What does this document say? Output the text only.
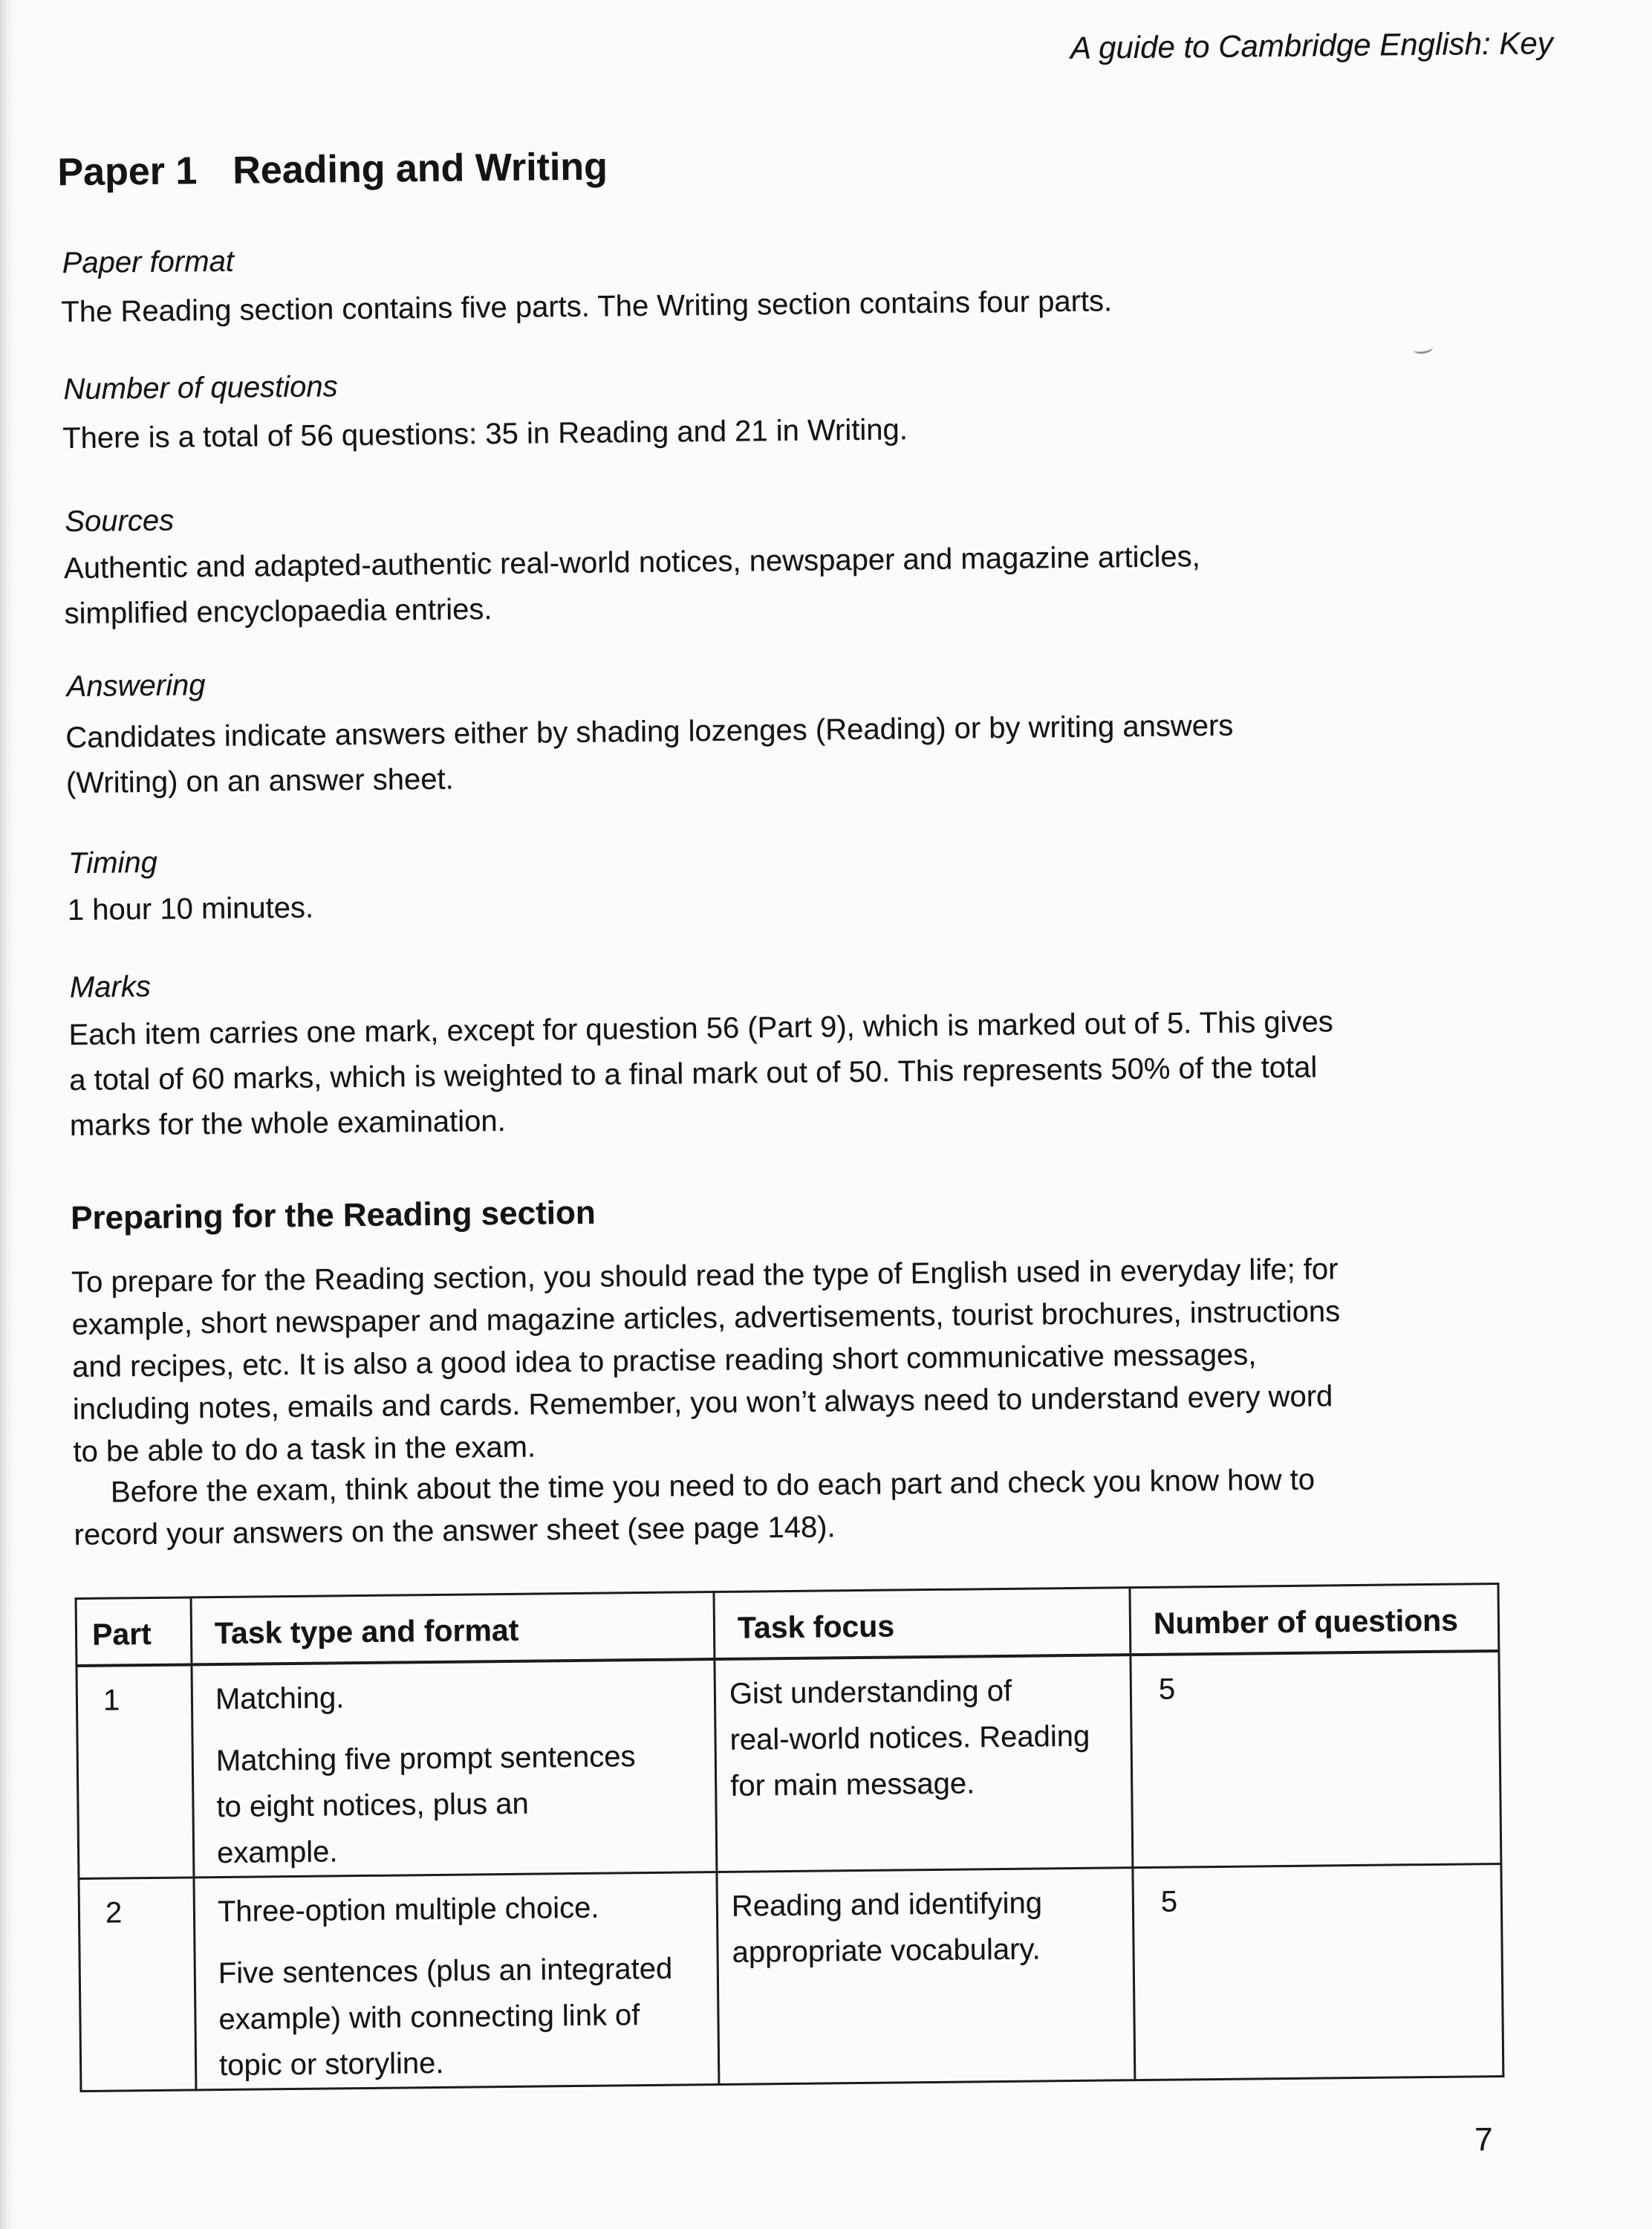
A guide to Cambridge English: Key
Paper 1 Reading and Writing
Paper format
The Reading section contains five parts. The Writing section contains four parts.
Number of questions
There is a total of 56 questions: 35 in Reading and 21 in Writing.
Sources
Authentic and adapted-authentic real-world notices, newspaper and magazine articles,
simplified encyclopaedia entries.
Answering
Candidates indicate answers either by shading lozenges (Reading) or by writing answers
(Writing) on an answer sheet.
Timing
1 hour 10 minutes.
Marks
Each item carries one mark, except for question 56 (Part 9), which is marked out of 5. This gives
a total of 60 marks, which is weighted to a final mark out of 50. This represents 50% of the total
marks for the whole examination.
Preparing for the Reading section
To prepare for the Reading section, you should read the type of English used in everyday life; for
example, short newspaper and magazine articles, advertisements, tourist brochures, instructions
and recipes, etc. It is also a good idea to practise reading short communicative messages,
including notes, emails and cards. Remember, you won’t always need to understand every word
to be able to do a task in the exam.
Before the exam, think about the time you need to do each part and check you know how to
record your answers on the answer sheet (see page 148).
Part	Task type and format	Task focus	Number of questions
1	Matching.

Matching five prompt sentences
to eight notices, plus an
example.

	Gist understanding of
real-world notices. Reading
for main message.	5
2	Three-option multiple choice.

Five sentences (plus an integrated
example) with connecting link of
topic or storyline.

	Reading and identifying
appropriate vocabulary.	5
7
